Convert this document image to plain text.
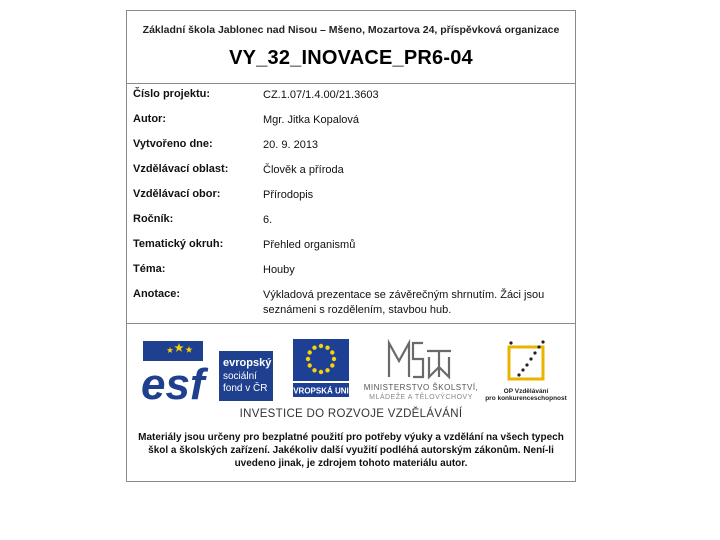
Základní škola Jablonec nad Nisou – Mšeno, Mozartova 24, příspěvková organizace
VY_32_INOVACE_PR6-04
Číslo projektu:	CZ.1.07/1.4.00/21.3603
Autor:	Mgr. Jitka Kopalová
Vytvořeno dne:	20. 9. 2013
Vzdělávací oblast:	Člověk a příroda
Vzdělávací obor:	Přírodopis
Ročník:	6.
Tematický okruh:	Přehled organismů
Téma:	Houby
Anotace:	Výkladová prezentace se závěrečným shrnutím. Žáci jsou seznámeni s rozdělením, stavbou hub.
esf	evropský
sociální
fond v ČR	EVROPSKÁ UNIE MINISTERSTVO ŠKOLSTVÍ,
MLÁDEŽE A TĚLOVÝCHOVY
OP Vzdělávání
pro konkurenceschopnost
INVESTICE DO ROZVOJE VZDĚLÁVÁNÍ
Materiály jsou určeny pro bezplatné použití pro potřeby výuky a vzdělání na všech typech škol a školských zařízení. Jakékoliv další využití podléhá autorským zákonům. Není-li uvedeno jinak, je zdrojem tohoto materiálu autor.
